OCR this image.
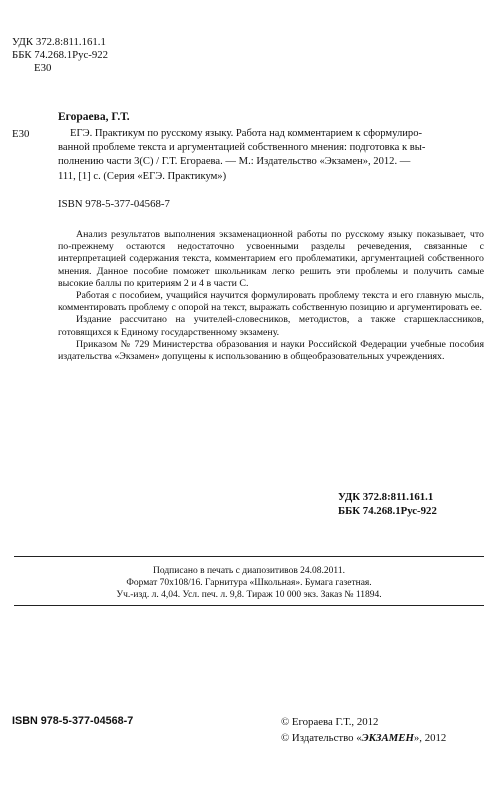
УДК 372.8:811.161.1
ББК 74.268.1Рус-922
Е30
Егораева, Г.Т.
Е30	ЕГЭ. Практикум по русскому языку. Работа над комментарием к сформулиро-

ванной проблеме текста и аргументацией собственного мнения: подготовка к вы-

полнению части 3(С) / Г.Т. Егораева. — М.: Издательство «Экзамен», 2012. —

111, [1] с. (Серия «ЕГЭ. Практикум»)

ISBN 978-5-377-04568-7

Анализ результатов выполнения экзаменационной работы по русскому языку показывает, что по-прежнему остаются недостаточно усвоенными разделы речеведения, связанные с интерпретацией содержания текста, комментарием его проблематики, аргументацией собственного мнения. Данное пособие поможет школьникам легко решить эти проблемы и получить самые высокие баллы по критериям 2 и 4 в части С.

Работая с пособием, учащийся научится формулировать проблему текста и его главную мысль, комментировать проблему с опорой на текст, выражать собственную позицию и аргументировать ее.

Издание рассчитано на учителей-словесников, методистов, а также старшеклассников, готовящихся к Единому государственному экзамену.

Приказом № 729 Министерства образования и науки Российской Федерации учебные пособия издательства «Экзамен» допущены к использованию в общеобразовательных учреждениях.

УДК 372.8:811.161.1
ББК 74.268.1Рус-922
Подписано в печать с диапозитивов 24.08.2011.
Формат 70х108/16. Гарнитура «Школьная». Бумага газетная.
Уч.-изд. л. 4,04. Усл. печ. л. 9,8. Тираж 10 000 экз. Заказ № 11894.
ISBN 978-5-377-04568-7	© Егораева Г.Т., 2012
© Издательство «ЭКЗАМЕН», 2012
